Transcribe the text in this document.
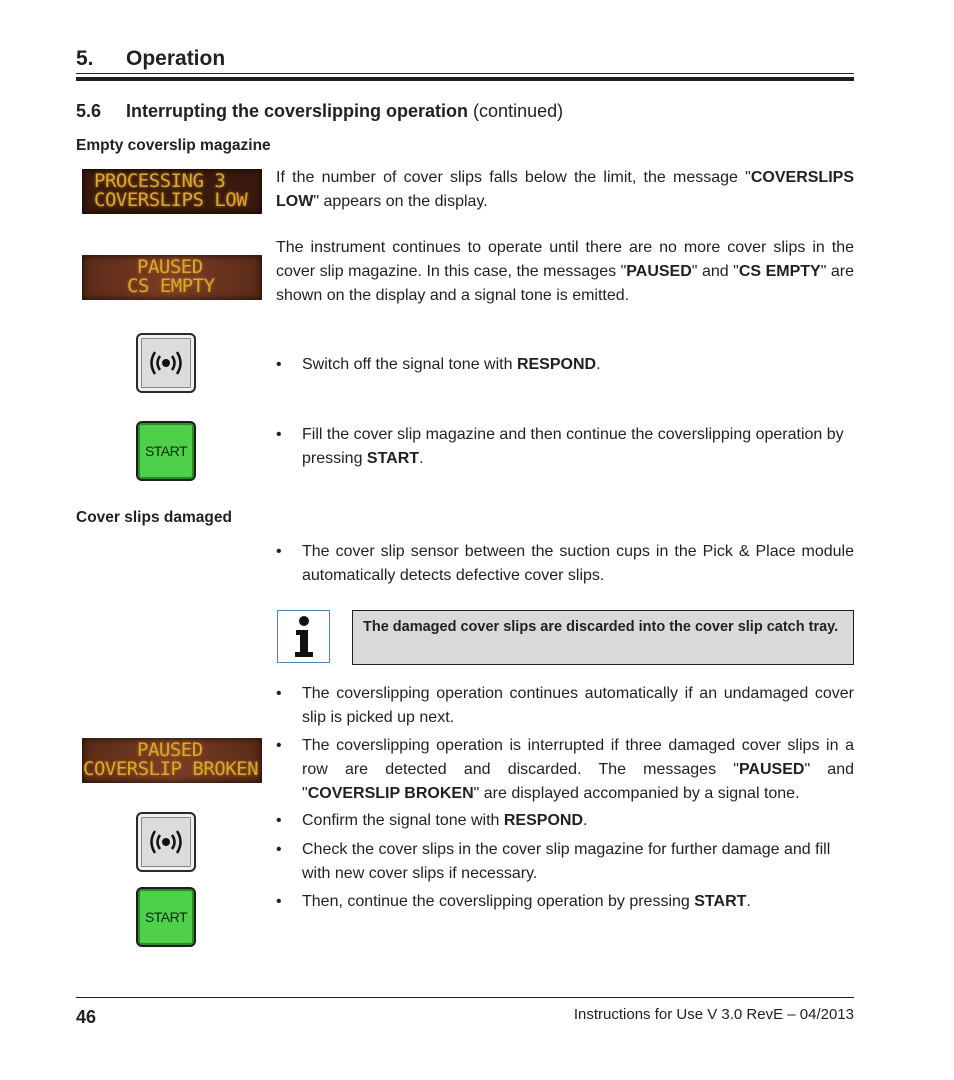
5. Operation
5.6 Interrupting the coverslipping operation (continued)
Empty coverslip magazine
PROCESSING 3
COVERSLIPS LOW
If the number of cover slips falls below the limit, the message "COVERSLIPS LOW" appears on the display.
PAUSED
CS EMPTY
The instrument continues to operate until there are no more cover slips in the cover slip magazine. In this case, the messages "PAUSED" and "CS EMPTY" are shown on the display and a signal tone is emitted.
• Switch off the signal tone with RESPOND.
START
• Fill the cover slip magazine and then continue the coverslipping operation by pressing START.
Cover slips damaged
• The cover slip sensor between the suction cups in the Pick & Place module automatically detects defective cover slips.
The damaged cover slips are discarded into the cover slip catch tray.
• The coverslipping operation continues automatically if an undamaged cover slip is picked up next.
PAUSED
COVERSLIP BROKEN
• The coverslipping operation is interrupted if three damaged cover slips in a row are detected and discarded. The messages "PAUSED" and "COVERSLIP BROKEN" are displayed accompanied by a signal tone.
• Confirm the signal tone with RESPOND.
• Check the cover slips in the cover slip magazine for further damage and fill with new cover slips if necessary.
START
• Then, continue the coverslipping operation by pressing START.
46	Instructions for Use V 3.0 RevE – 04/2013
